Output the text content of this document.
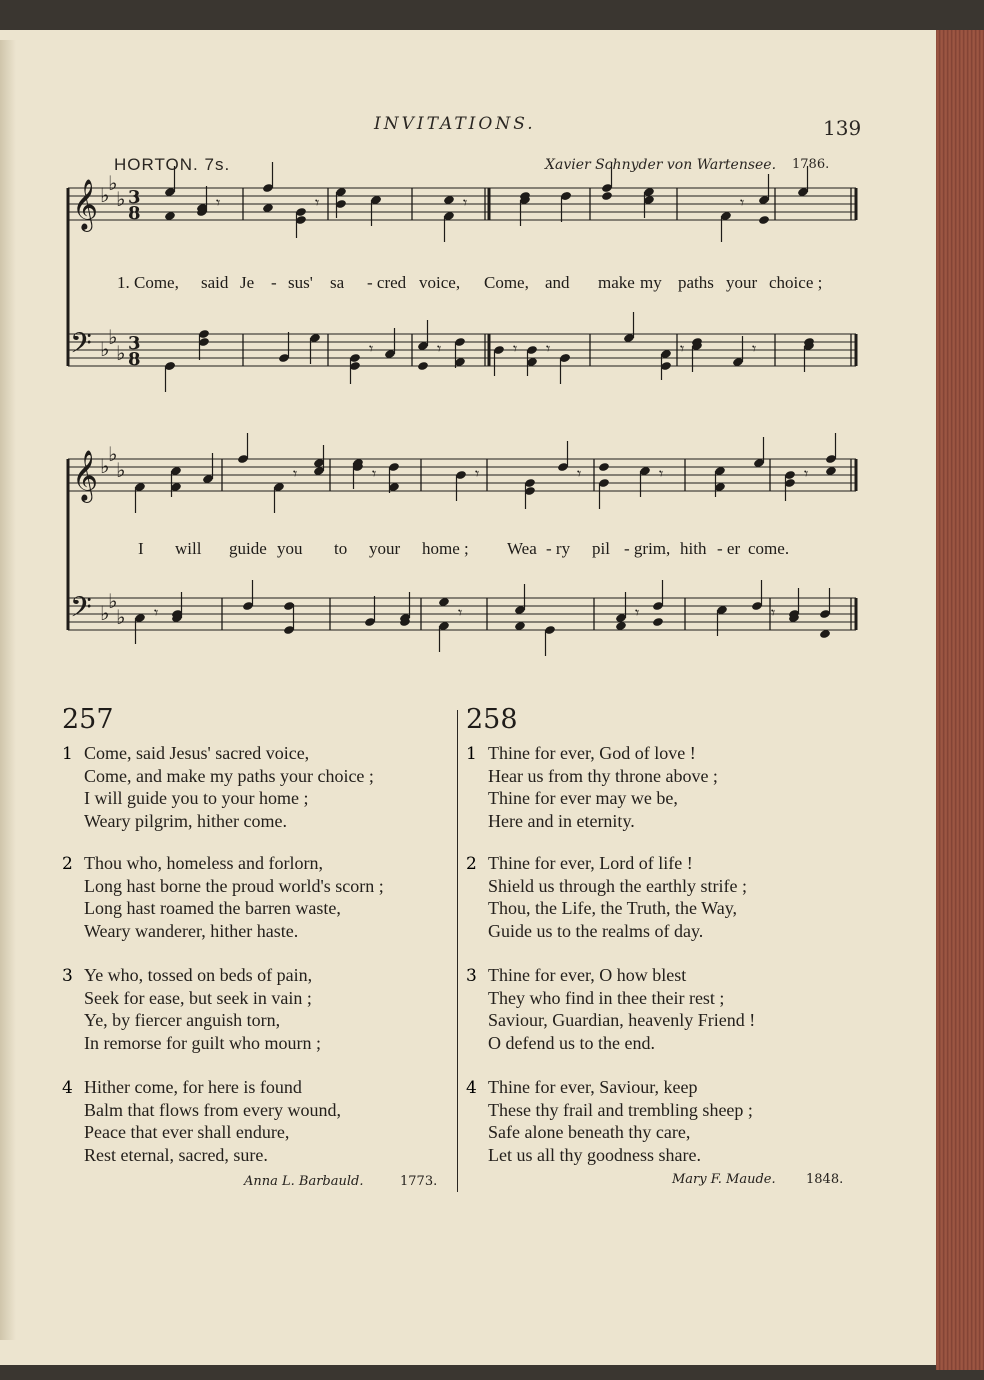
INVITATIONS.	139
HORTON. 7s.	Xavier Schnyder von Wartensee. 1786.
𝄞 ♭
♭
♭ 3
8
𝄾	𝄾	𝄾	𝄾
𝄢 ♭
♭
♭ 3
8
𝄾	𝄾	𝄾 𝄾	𝄾	𝄾
𝄞 ♭
♭
♭	𝄾	𝄾	𝄾	𝄾	𝄾	𝄾
𝄢 ♭
♭
♭ 𝄾	𝄾	𝄾	𝄾
1. Come, said Je - sus' sa - cred voice, Come, and make my paths your choice ;
I will guide you to your home ; Wea - ry pil - grim, hith - er come.
257	258
1 Come, said Jesus' sacred voice,
Come, and make my paths your choice ;
I will guide you to your home ;
Weary pilgrim, hither come.
2 Thou who, homeless and forlorn,
Long hast borne the proud world's scorn ;
Long hast roamed the barren waste,
Weary wanderer, hither haste.
3 Ye who, tossed on beds of pain,
Seek for ease, but seek in vain ;
Ye, by fiercer anguish torn,
In remorse for guilt who mourn ;
4 Hither come, for here is found
Balm that flows from every wound,
Peace that ever shall endure,
Rest eternal, sacred, sure.
1 Thine for ever, God of love !
Hear us from thy throne above ;
Thine for ever may we be,
Here and in eternity.
2 Thine for ever, Lord of life !
Shield us through the earthly strife ;
Thou, the Life, the Truth, the Way,
Guide us to the realms of day.
3 Thine for ever, O how blest
They who find in thee their rest ;
Saviour, Guardian, heavenly Friend !
O defend us to the end.
4 Thine for ever, Saviour, keep
These thy frail and trembling sheep ;
Safe alone beneath thy care,
Let us all thy goodness share.
Anna L. Barbauld.	1773.	Mary F. Maude. 1848.
